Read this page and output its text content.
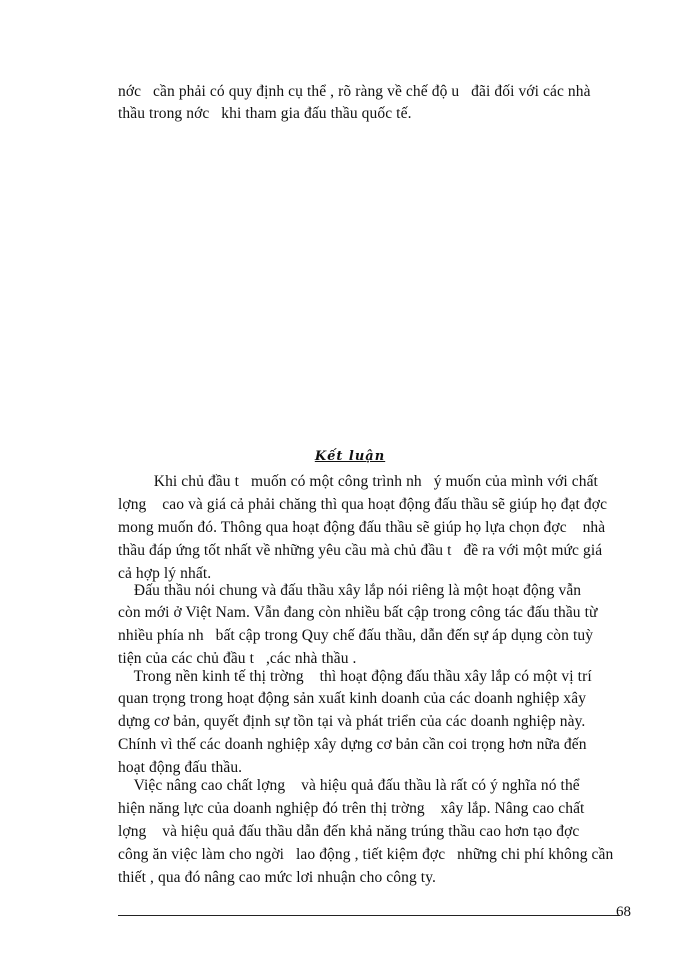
nớc   cần phải có quy định cụ thể , rõ ràng về chế độ u   đãi đối với các nhà
thầu trong nớc   khi tham gia đấu thầu quốc tế.
Kết luận
Khi chủ đầu t   muốn có một công trình nh   ý muốn của mình với chất
lợng    cao và giá cả phải chăng thì qua hoạt động đấu thầu sẽ giúp họ đạt đợc
mong muốn đó. Thông qua hoạt động đấu thầu sẽ giúp họ lựa chọn đợc    nhà
thầu đáp ứng tốt nhất về những yêu cầu mà chủ đầu t   đề ra với một mức giá
cả hợp lý nhất.
Đấu thầu nói chung và đấu thầu xây lắp nói riêng là một hoạt động vẫn
còn mới ở Việt Nam. Vẫn đang còn nhiều bất cập trong công tác đấu thầu từ
nhiều phía nh   bất cập trong Quy chế đấu thầu, dẫn đến sự áp dụng còn tuỳ
tiện của các chủ đầu t   ,các nhà thầu .
Trong nền kinh tế thị trờng    thì hoạt động đấu thầu xây lắp có một vị trí
quan trọng trong hoạt động sản xuất kinh doanh của các doanh nghiệp xây
dựng cơ bản, quyết định sự tồn tại và phát triển của các doanh nghiệp này.
Chính vì thế các doanh nghiệp xây dựng cơ bản cần coi trọng hơn nữa đến
hoạt động đấu thầu.
Việc nâng cao chất lợng    và hiệu quả đấu thầu là rất có ý nghĩa nó thể
hiện năng lực của doanh nghiệp đó trên thị trờng    xây lắp. Nâng cao chất
lợng    và hiệu quả đấu thầu dẫn đến khả năng trúng thầu cao hơn tạo đợc
công ăn việc làm cho ngời   lao động , tiết kiệm đợc   những chi phí không cần
thiết , qua đó nâng cao mức lơi nhuận cho công ty.
68
